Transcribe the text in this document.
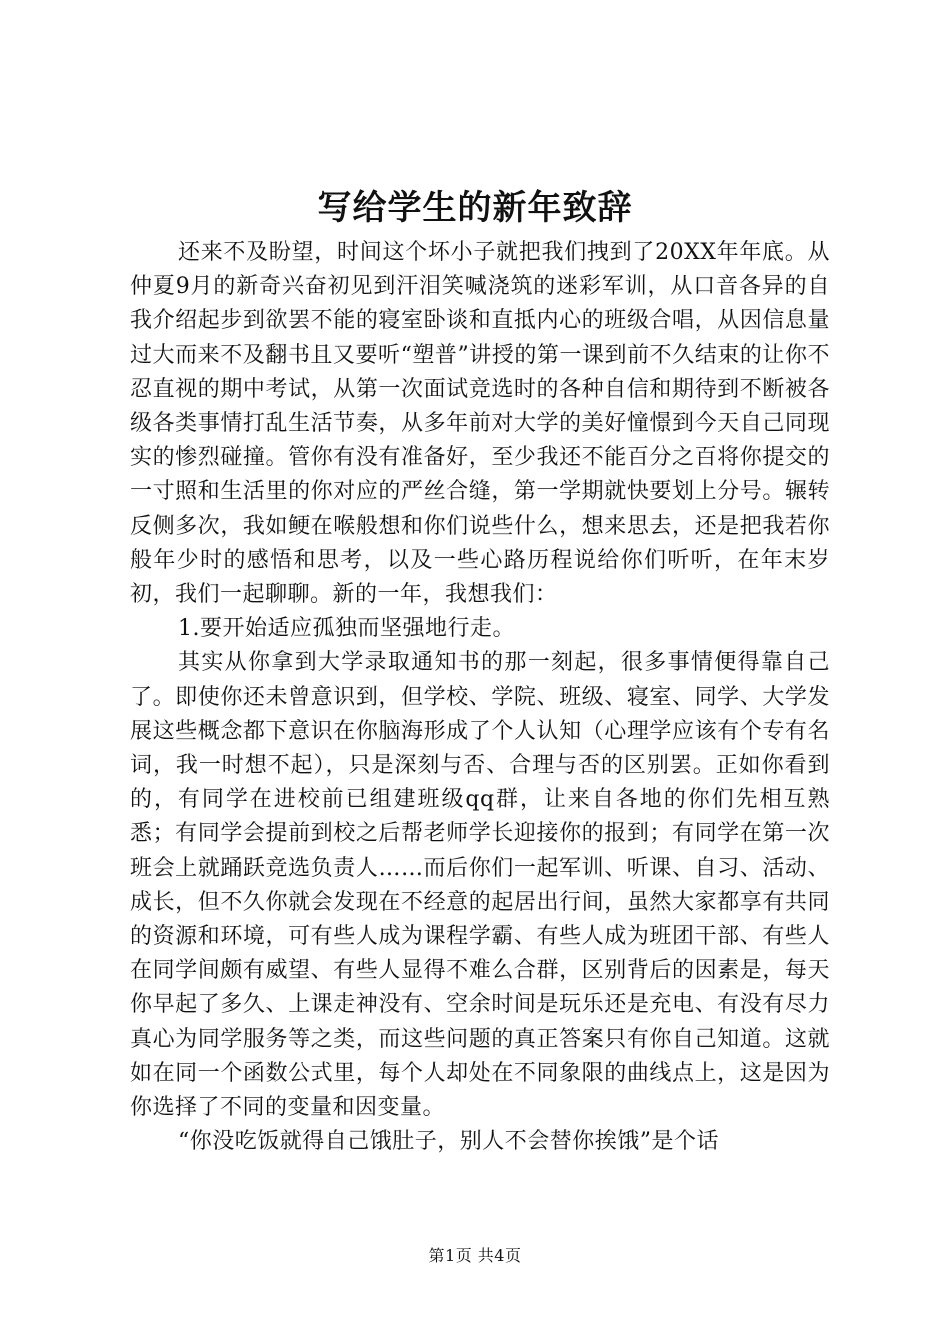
写给学生的新年致辞

还来不及盼望，时间这个坏小子就把我们拽到了20XX年年底。从仲夏9月的新奇兴奋初见到汗泪笑喊浇筑的迷彩军训，从口音各异的自我介绍起步到欲罢不能的寝室卧谈和直抵内心的班级合唱，从因信息量过大而来不及翻书且又要听“塑普”讲授的第一课到前不久结束的让你不忍直视的期中考试，从第一次面试竞选时的各种自信和期待到不断被各级各类事情打乱生活节奏，从多年前对大学的美好憧憬到今天自己同现实的惨烈碰撞。管你有没有准备好，至少我还不能百分之百将你提交的一寸照和生活里的你对应的严丝合缝，第一学期就快要划上分号。辗转反侧多次，我如鲠在喉般想和你们说些什么，想来思去，还是把我若你般年少时的感悟和思考，以及一些心路历程说给你们听听，在年末岁初，我们一起聊聊。新的一年，我想我们：

1.要开始适应孤独而坚强地行走。

其实从你拿到大学录取通知书的那一刻起，很多事情便得靠自己了。即使你还未曾意识到，但学校、学院、班级、寝室、同学、大学发展这些概念都下意识在你脑海形成了个人认知（心理学应该有个专有名词，我一时想不起），只是深刻与否、合理与否的区别罢。正如你看到的，有同学在进校前已组建班级qq群，让来自各地的你们先相互熟悉；有同学会提前到校之后帮老师学长迎接你的报到；有同学在第一次班会上就踊跃竞选负责人……而后你们一起军训、听课、自习、活动、成长，但不久你就会发现在不经意的起居出行间，虽然大家都享有共同的资源和环境，可有些人成为课程学霸、有些人成为班团干部、有些人在同学间颇有威望、有些人显得不难么合群，区别背后的因素是，每天你早起了多久、上课走神没有、空余时间是玩乐还是充电、有没有尽力真心为同学服务等之类，而这些问题的真正答案只有你自己知道。这就如在同一个函数公式里，每个人却处在不同象限的曲线点上，这是因为你选择了不同的变量和因变量。

“你没吃饭就得自己饿肚子，别人不会替你挨饿”是个话

第1页 共4页
